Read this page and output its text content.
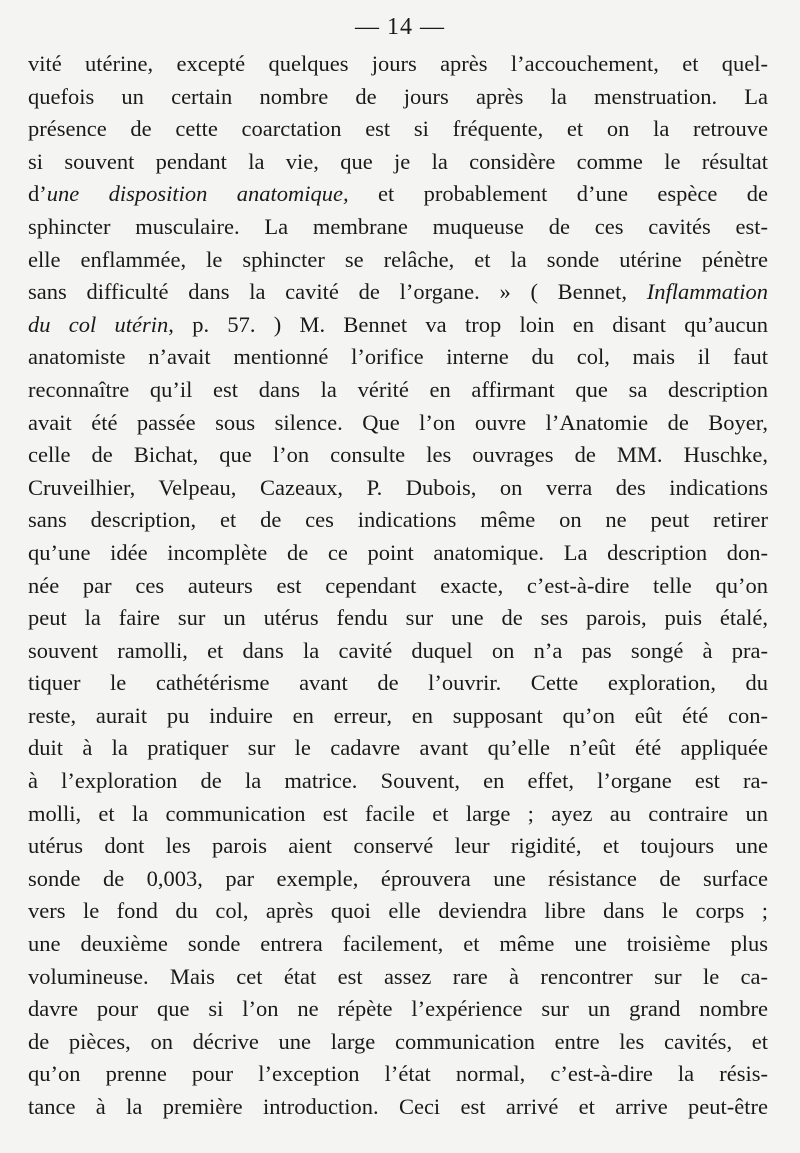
— 14 —
vité utérine, excepté quelques jours après l’accouchement, et quel-
quefois un certain nombre de jours après la menstruation. La
présence de cette coarctation est si fréquente, et on la retrouve
si souvent pendant la vie, que je la considère comme le résultat
d’une disposition anatomique, et probablement d’une espèce de
sphincter musculaire. La membrane muqueuse de ces cavités est-
elle enflammée, le sphincter se relâche, et la sonde utérine pénètre
sans difficulté dans la cavité de l’organe. » ( Bennet, Inflammation
du col utérin, p. 57. ) M. Bennet va trop loin en disant qu’aucun
anatomiste n’avait mentionné l’orifice interne du col, mais il faut
reconnaître qu’il est dans la vérité en affirmant que sa description
avait été passée sous silence. Que l’on ouvre l’Anatomie de Boyer,
celle de Bichat, que l’on consulte les ouvrages de MM. Huschke,
Cruveilhier, Velpeau, Cazeaux, P. Dubois, on verra des indications
sans description, et de ces indications même on ne peut retirer
qu’une idée incomplète de ce point anatomique. La description don-
née par ces auteurs est cependant exacte, c’est-à-dire telle qu’on
peut la faire sur un utérus fendu sur une de ses parois, puis étalé,
souvent ramolli, et dans la cavité duquel on n’a pas songé à pra-
tiquer le cathétérisme avant de l’ouvrir. Cette exploration, du
reste, aurait pu induire en erreur, en supposant qu’on eût été con-
duit à la pratiquer sur le cadavre avant qu’elle n’eût été appliquée
à l’exploration de la matrice. Souvent, en effet, l’organe est ra-
molli, et la communication est facile et large ; ayez au contraire un
utérus dont les parois aient conservé leur rigidité, et toujours une
sonde de 0,003, par exemple, éprouvera une résistance de surface
vers le fond du col, après quoi elle deviendra libre dans le corps ;
une deuxième sonde entrera facilement, et même une troisième plus
volumineuse. Mais cet état est assez rare à rencontrer sur le ca-
davre pour que si l’on ne répète l’expérience sur un grand nombre
de pièces, on décrive une large communication entre les cavités, et
qu’on prenne pour l’exception l’état normal, c’est-à-dire la résis-
tance à la première introduction. Ceci est arrivé et arrive peut-être
